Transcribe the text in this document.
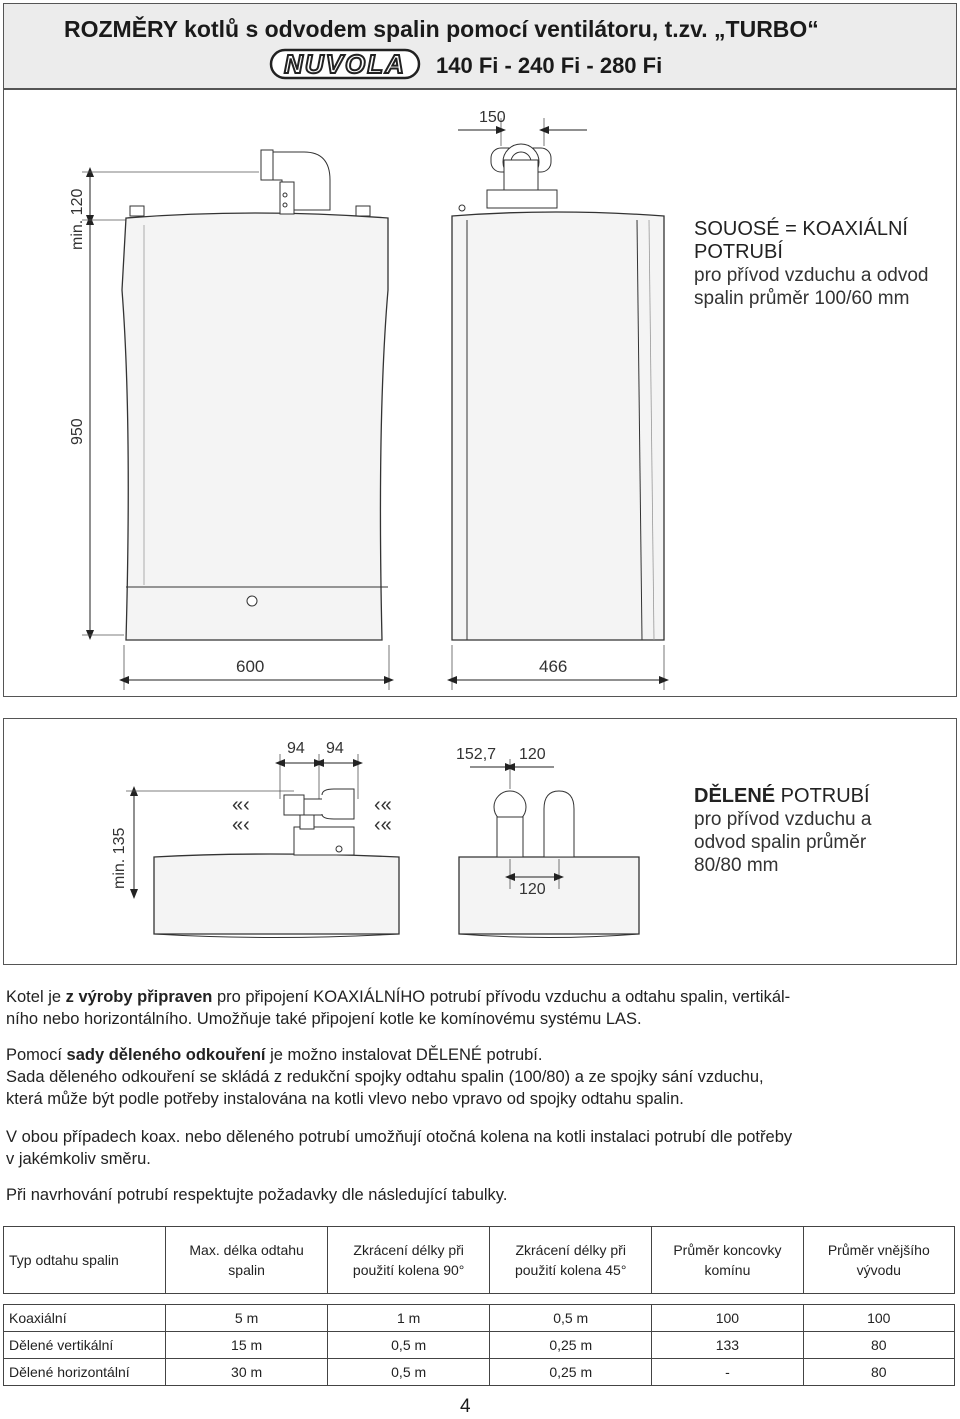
ROZMĚRY kotlů s odvodem spalin pomocí ventilátoru, t.zv. „TURBO“
NUVOLA 140 Fi - 240 Fi - 280 Fi
min. 120
950
150
600	466
SOUOSÉ = KOAXIÁLNÍ
POTRUBÍ
pro přívod vzduchu a odvod
spalin průměr 100/60 mm
min. 135
94 94	152,7 120
«‹
«‹
‹«
‹«
120
DĚLENÉ POTRUBÍ
pro přívod vzduchu a
odvod spalin průměr
80/80 mm

Kotel je z výroby připraven pro připojení KOAXIÁLNÍHO potrubí přívodu vzduchu a odtahu spalin, vertikál-

ního nebo horizontálního. Umožňuje také připojení kotle ke komínovému systému LAS.

Pomocí sady děleného odkouření je možno instalovat DĚLENÉ potrubí.

Sada děleného odkouření se skládá z redukční spojky odtahu spalin (100/80) a ze spojky sání vzduchu,

která může být podle potřeby instalována na kotli vlevo nebo vpravo od spojky odtahu spalin.

V obou případech koax. nebo děleného potrubí umožňují otočná kolena na kotli instalaci potrubí dle potřeby

v jakémkoliv směru.

Při navrhování potrubí respektujte požadavky dle následující tabulky.

Typ odtahu spalin	Max. délka odtahu spalin	Zkrácení délky při použití kolena 90°	Zkrácení délky při použití kolena 45°	Průměr koncovky komínu	Průměr vnějšího vývodu

Koaxiální	5 m	1 m	0,5 m	100	100
Dělené vertikální	15 m	0,5 m	0,25 m	133	80
Dělené horizontální	30 m	0,5 m	0,25 m	-	80
4
